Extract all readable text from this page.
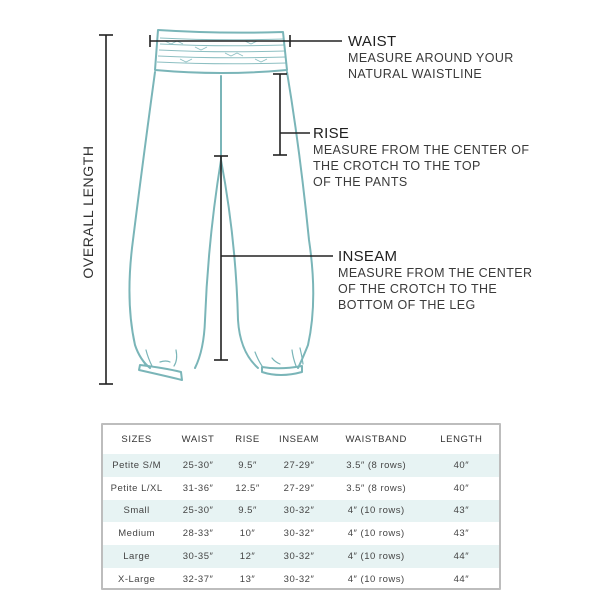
OVERALL LENGTH
WAIST
MEASURE AROUND YOUR
NATURAL WAISTLINE
RISE
MEASURE FROM THE CENTER OF
THE CROTCH TO THE TOP
OF THE PANTS
INSEAM
MEASURE FROM THE CENTER
OF THE CROTCH TO THE
BOTTOM OF THE LEG
SIZES	WAIST	RISE	INSEAM	WAISTBAND	LENGTH
Petite S/M	25-30″	9.5″	27-29″	3.5″ (8 rows)	40″
Petite L/XL	31-36″	12.5″	27-29″	3.5″ (8 rows)	40″
Small	25-30″	9.5″	30-32″	4″ (10 rows)	43″
Medium	28-33″	10″	30-32″	4″ (10 rows)	43″
Large	30-35″	12″	30-32″	4″ (10 rows)	44″
X-Large	32-37″	13″	30-32″	4″ (10 rows)	44″
